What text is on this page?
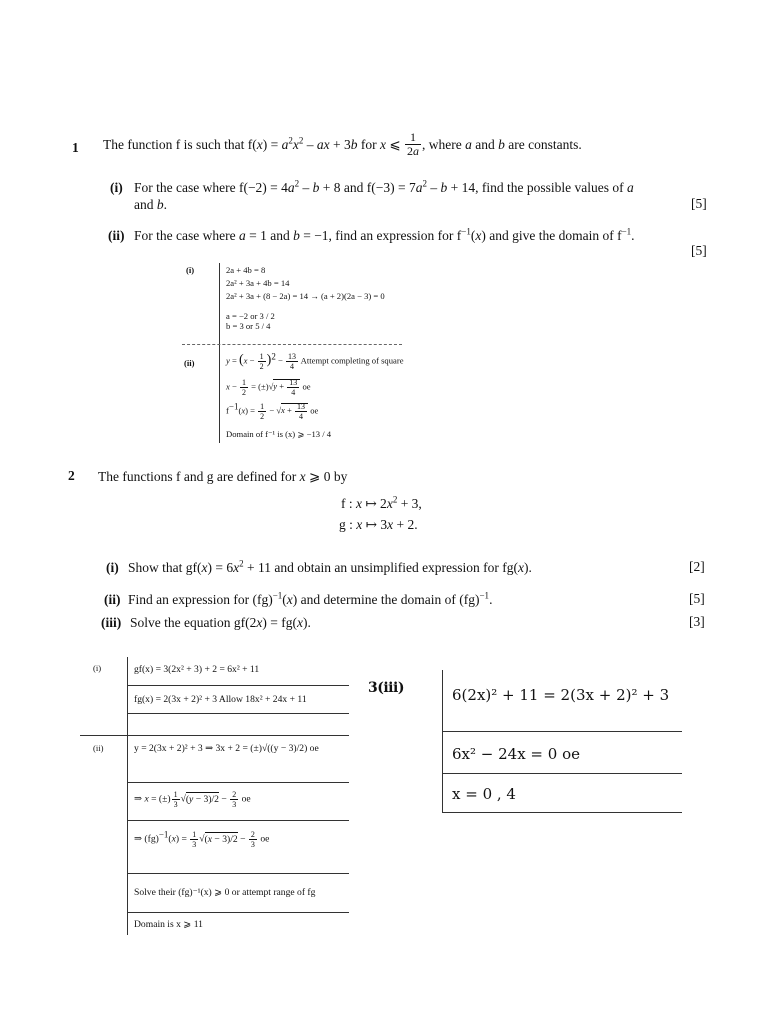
1 The function f is such that $f(x) = a^2x^2$ – ax + 3b for x ⩽ $\frac{1}{2a}$ , where a and b are constants.
(i) For the case where $f(-2) = 4a^2 - b + 8$ and $f(-3) = 7a^2 - b + 14$, find the possible values of a
and b.	[5]
(ii) For the case where a = 1 and b = −1, find an expression for $f^{-1}(x)$ and give the domain of $f^{-1}$.
[5]
(i)	2a + 4b = 8
2a² + 3a + 4b = 14
2a² + 3a + (8 − 2a) = 14 → (a + 2)(2a − 3) = 0
a = −2 or 3 / 2
b = 3 or 5 / 4
(ii)	$y = (x - \frac{1}{2} )^2 - \frac{13}{4}$ Attempt completing of square
$x - \frac{1}{2} = (\pm)√y + \frac{13}{4}$ oe
$f^{-1}(x) = \frac{1}{2} - √x + \frac{13}{4}$ oe
Domain of f⁻¹ is (x) ⩾ −13 / 4
2 The functions f and g are defined for x ⩾ 0 by
f : x ↦ $2x^2 + 3$,
g : x ↦ 3x + 2.
(i) Show that $gf(x) = 6x^2 + 11$ and obtain an unsimplified expression for fg(x).	[2]
(ii) Find an expression for (fg)$^{-1}$(x) and determine the domain of (fg)$^{-1}$.	[5]
(iii) Solve the equation gf(2x) = fg(x).	[3]
(i)	gf(x) = 3(2x² + 3) + 2 = 6x² + 11
fg(x) = 2(3x + 2)² + 3 Allow 18x² + 24x + 11
(ii)	y = 2(3x + 2)² + 3 ⇒ 3x + 2 = (±)√((y − 3)/2) oe
⇒ x = (±) $\frac{1}{3} √(y - 3)/2 - \frac{2}{3}$ oe
⇒ $(fg)^{-1}(x) = \frac{1}{3} √(x - 3)/2 - \frac{2}{3}$ oe
Solve their (fg)⁻¹(x) ⩾ 0 or attempt range of fg
Domain is x ⩾ 11
3(iii)	6(2x)² + 11 = 2(3x + 2)² + 3
6x² − 24x = 0 oe
x = 0 , 4
